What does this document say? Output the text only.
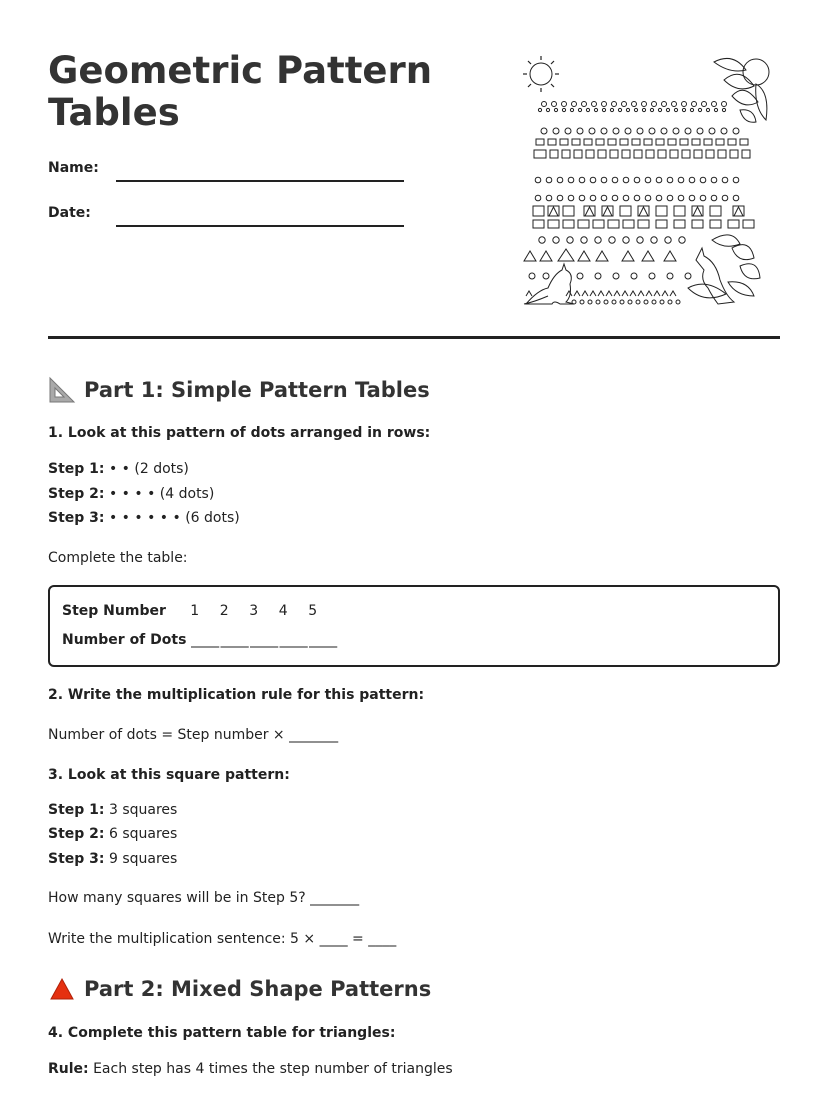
Geometric Pattern
Tables
Name:
Date:
Part 1: Simple Pattern Tables
1. Look at this pattern of dots arranged in rows:
Step 1: • • (2 dots)
Step 2: • • • • (4 dots)
Step 3: • • • • • • (6 dots)
Complete the table:
Step Number	1 2 3 4 5
Number of Dots ____ ____ ____ ____ ____
2. Write the multiplication rule for this pattern:
Number of dots = Step number × _______
3. Look at this square pattern:
Step 1: 3 squares
Step 2: 6 squares
Step 3: 9 squares
How many squares will be in Step 5? _______
Write the multiplication sentence: 5 × ____ = ____
Part 2: Mixed Shape Patterns
4. Complete this pattern table for triangles:
Rule: Each step has 4 times the step number of triangles
